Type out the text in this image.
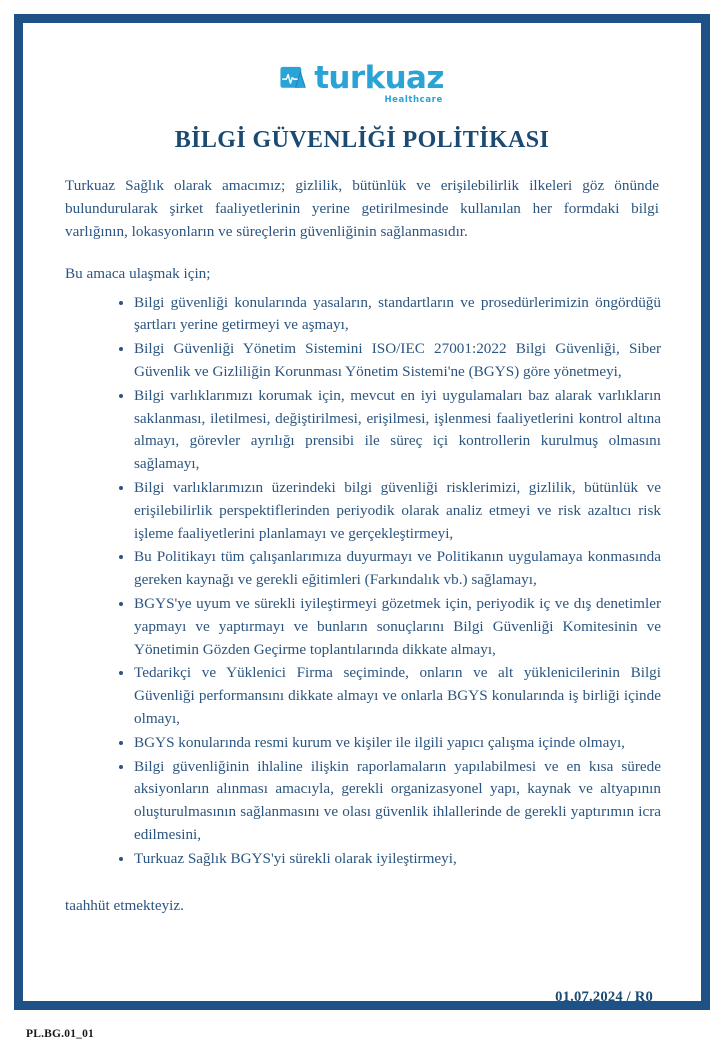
turkuaz
Healthcare
BİLGİ GÜVENLİĞİ POLİTİKASI

Turkuaz Sağlık olarak amacımız; gizlilik, bütünlük ve erişilebilirlik ilkeleri göz önünde bulundurularak şirket faaliyetlerinin yerine getirilmesinde kullanılan her formdaki bilgi varlığının, lokasyonların ve süreçlerin güvenliğinin sağlanmasıdır.

Bu amaca ulaşmak için;

Bilgi güvenliği konularında yasaların, standartların ve prosedürlerimizin öngördüğü şartları yerine getirmeyi ve aşmayı,
Bilgi Güvenliği Yönetim Sistemini ISO/IEC 27001:2022 Bilgi Güvenliği, Siber Güvenlik ve Gizliliğin Korunması Yönetim Sistemi'ne (BGYS) göre yönetmeyi,
Bilgi varlıklarımızı korumak için, mevcut en iyi uygulamaları baz alarak varlıkların saklanması, iletilmesi, değiştirilmesi, erişilmesi, işlenmesi faaliyetlerini kontrol altına almayı, görevler ayrılığı prensibi ile süreç içi kontrollerin kurulmuş olmasını sağlamayı,
Bilgi varlıklarımızın üzerindeki bilgi güvenliği risklerimizi, gizlilik, bütünlük ve erişilebilirlik perspektiflerinden periyodik olarak analiz etmeyi ve risk azaltıcı risk işleme faaliyetlerini planlamayı ve gerçekleştirmeyi,
Bu Politikayı tüm çalışanlarımıza duyurmayı ve Politikanın uygulamaya konmasında gereken kaynağı ve gerekli eğitimleri (Farkındalık vb.) sağlamayı,
BGYS'ye uyum ve sürekli iyileştirmeyi gözetmek için, periyodik iç ve dış denetimler yapmayı ve yaptırmayı ve bunların sonuçlarını Bilgi Güvenliği Komitesinin ve Yönetimin Gözden Geçirme toplantılarında dikkate almayı,
Tedarikçi ve Yüklenici Firma seçiminde, onların ve alt yüklenicilerinin Bilgi Güvenliği performansını dikkate almayı ve onlarla BGYS konularında iş birliği içinde olmayı,
BGYS konularında resmi kurum ve kişiler ile ilgili yapıcı çalışma içinde olmayı,
Bilgi güvenliğinin ihlaline ilişkin raporlamaların yapılabilmesi ve en kısa sürede aksiyonların alınması amacıyla, gerekli organizasyonel yapı, kaynak ve altyapının oluşturulmasının sağlanmasını ve olası güvenlik ihlallerinde de gerekli yaptırımın icra edilmesini,
Turkuaz Sağlık BGYS'yi sürekli olarak iyileştirmeyi,

taahhüt etmekteyiz.

01.07.2024 / R0
PL.BG.01_01
